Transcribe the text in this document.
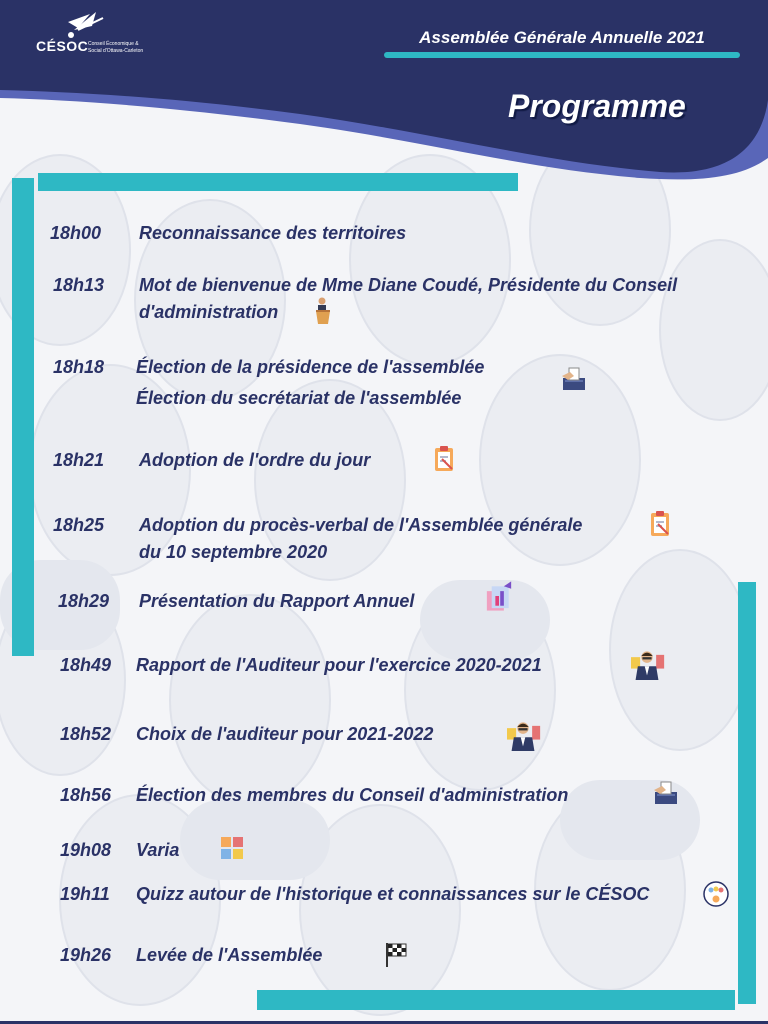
CÉSOC Conseil Économique &
Social d'Ottawa-Carleton
Assemblée Générale Annuelle 2021
Programme
18h00 Reconnaissance des territoires
18h13 Mot de bienvenue de Mme Diane Coudé, Présidente du Conseil
d'administration
18h18 Élection de la présidence de l'assemblée
Élection du secrétariat de l'assemblée
18h21 Adoption de l'ordre du jour
18h25 Adoption du procès-verbal de l'Assemblée générale
du 10 septembre 2020
18h29 Présentation du Rapport Annuel
18h49 Rapport de l'Auditeur pour l'exercice 2020-2021
18h52 Choix de l'auditeur pour 2021-2022
18h56 Élection des membres du Conseil d'administration
19h08 Varia
19h11 Quizz autour de l'historique et connaissances sur le CÉSOC
19h26 Levée de l'Assemblée
